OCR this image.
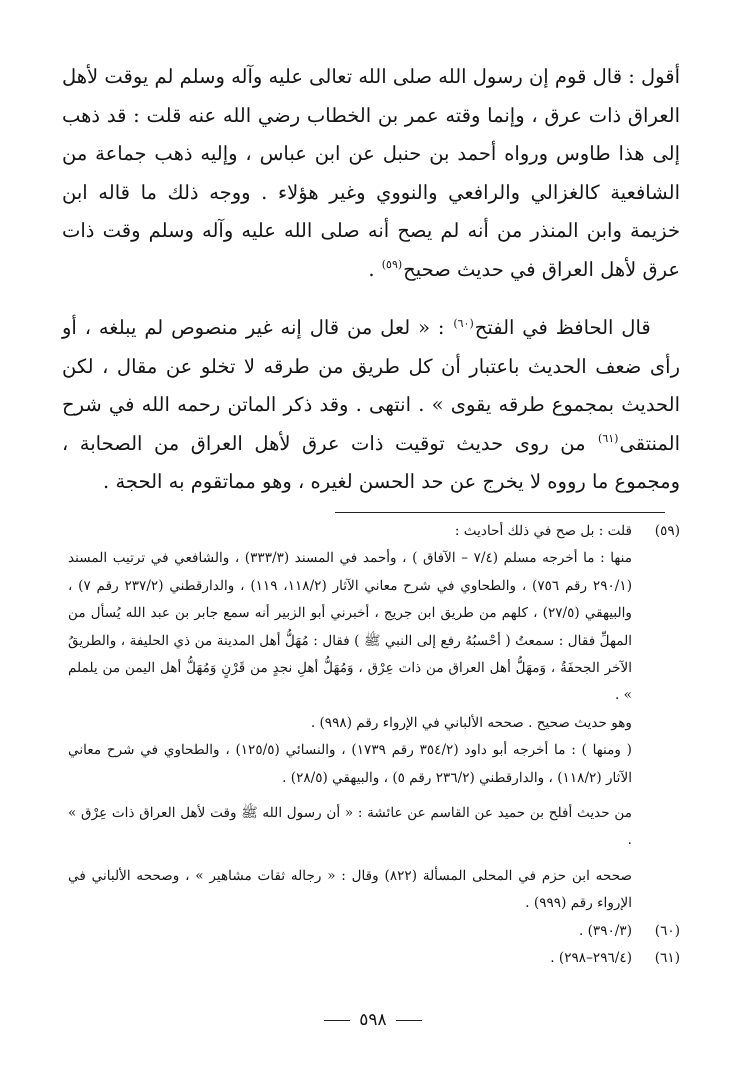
أقول : قال قوم إن رسول الله صلى الله تعالى عليه وآله وسلم لم يوقت لأهل العراق ذات عرق ، وإنما وقته عمر بن الخطاب رضي الله عنه قلت : قد ذهب إلى هذا طاوس ورواه أحمد بن حنبل عن ابن عباس ، وإليه ذهب جماعة من الشافعية كالغزالي والرافعي والنووي وغير هؤلاء . ووجه ذلك ما قاله ابن خزيمة وابن المنذر من أنه لم يصح أنه صلى الله عليه وآله وسلم وقت ذات عرق لأهل العراق في حديث صحيح$^{(٥٩)}$ .

  قال الحافظ في الفتح$^{(٦٠)}$ : « لعل من قال إنه غير منصوص لم يبلغه ، أو رأى ضعف الحديث باعتبار أن كل طريق من طرقه لا تخلو عن مقال ، لكن الحديث بمجموع طرقه يقوى » . انتهى . وقد ذكر الماتن رحمه الله في شرح المنتقى$^{(٦١)}$ من روى حديث توقيت ذات عرق لأهل العراق من الصحابة ، ومجموع ما رووه لا يخرج عن حد الحسن لغيره ، وهو مماتقوم به الحجة .

(٥٩)

قلت : بل صح في ذلك أحاديث :

منها : ما أخرجه مسلم (٧/٤ – الآفاق ) ، وأحمد في المسند (٣٣٣/٣) ، والشافعي في ترتيب المسند (٢٩٠/١ رقم ٧٥٦) ، والطحاوي في شرح معاني الآثار (١١٨/٢، ١١٩) ، والدارقطني (٢٣٧/٢ رقم ٧) ، والبيهقي (٢٧/٥) ، كلهم من طريق ابن جريج ، أخبرني أبو الزبير أنه سمع جابر بن عبد الله يُسأل من المهلِّ فقال : سمعتُ ( أحْسبُهُ رفع إلى النبي ﷺ ) فقال : مُهَلُّ أهل المدينة من ذي الحليفة ، والطريقُ الآخر الجحفَةُ ، وَمهَلُّ أهل العراق من ذات عِرْق ، وَمُهَلُّ أهلِ نجدٍ من قَرْنٍ وَمُهَلُّ أهل اليمن من يلملم » .

وهو حديث صحيح . صححه الألباني في الإرواء رقم (٩٩٨) .

( ومنها ) : ما أخرجه أبو داود (٣٥٤/٢ رقم ١٧٣٩) ، والنسائي (١٢٥/٥) ، والطحاوي في شرح معاني الآثار (١١٨/٢) ، والدارقطني (٢٣٦/٢ رقم ٥) ، والبيهقي (٢٨/٥) .

من حديث أفلح بن حميد عن القاسم عن عائشة : « أن رسول الله ﷺ وقت لأهل العراق ذات عِرْق » .

صححه ابن حزم في المحلى المسألة (٨٢٢) وقال : « رجاله ثقات مشاهير » ، وصححه الألباني في الإرواء رقم (٩٩٩) .

(٦٠)
(٣٩٠/٣) .
(٦١)
(٢٩٦/٤–٢٩٨) .
٥٩٨
